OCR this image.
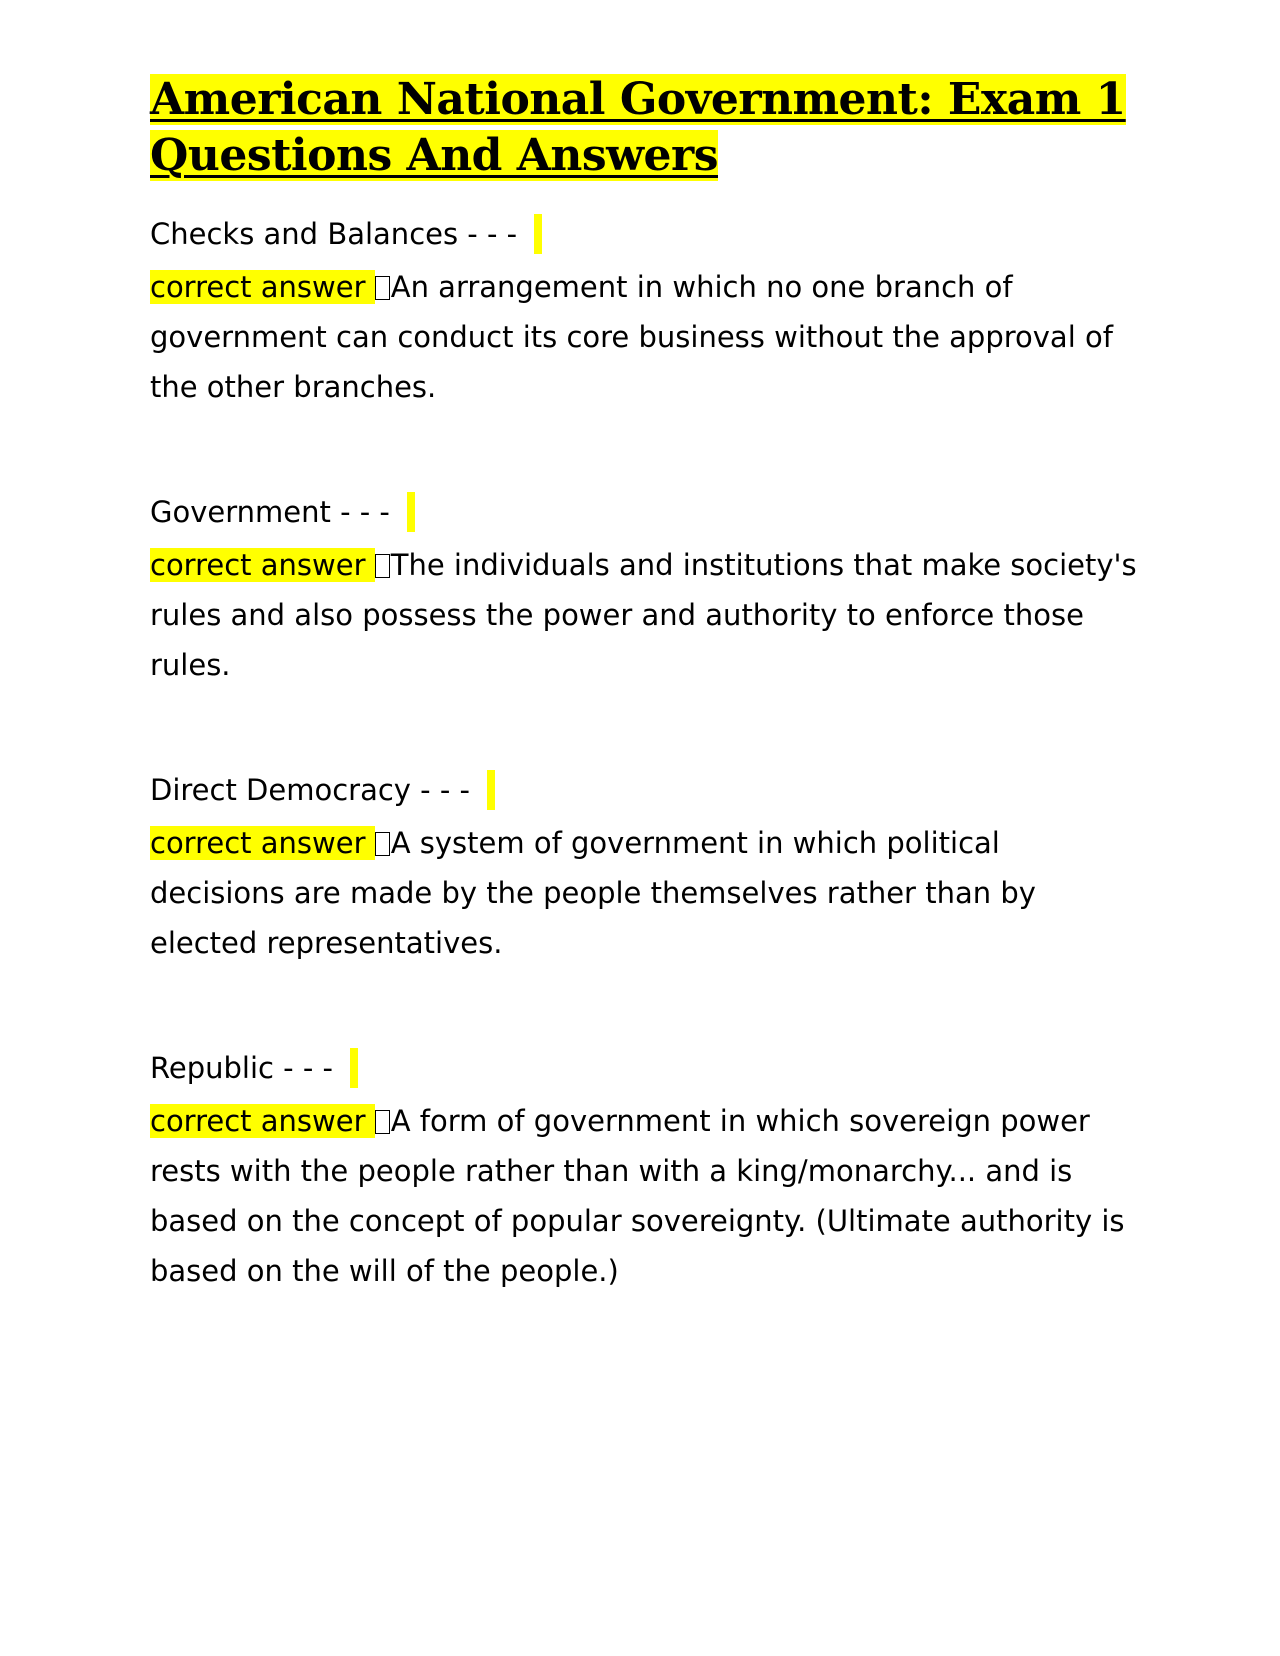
American National Government: Exam 1
Questions And Answers
Checks and Balances - - -
correct answer An arrangement in which no one branch of government can conduct its core business without the approval of the other branches.
Government - - -
correct answer The individuals and institutions that make society's rules and also possess the power and authority to enforce those rules.
Direct Democracy - - -
correct answer A system of government in which political decisions are made by the people themselves rather than by elected representatives.
Republic - - -
correct answer A form of government in which sovereign power rests with the people rather than with a king/monarchy... and is based on the concept of popular sovereignty. (Ultimate authority is based on the will of the people.)
